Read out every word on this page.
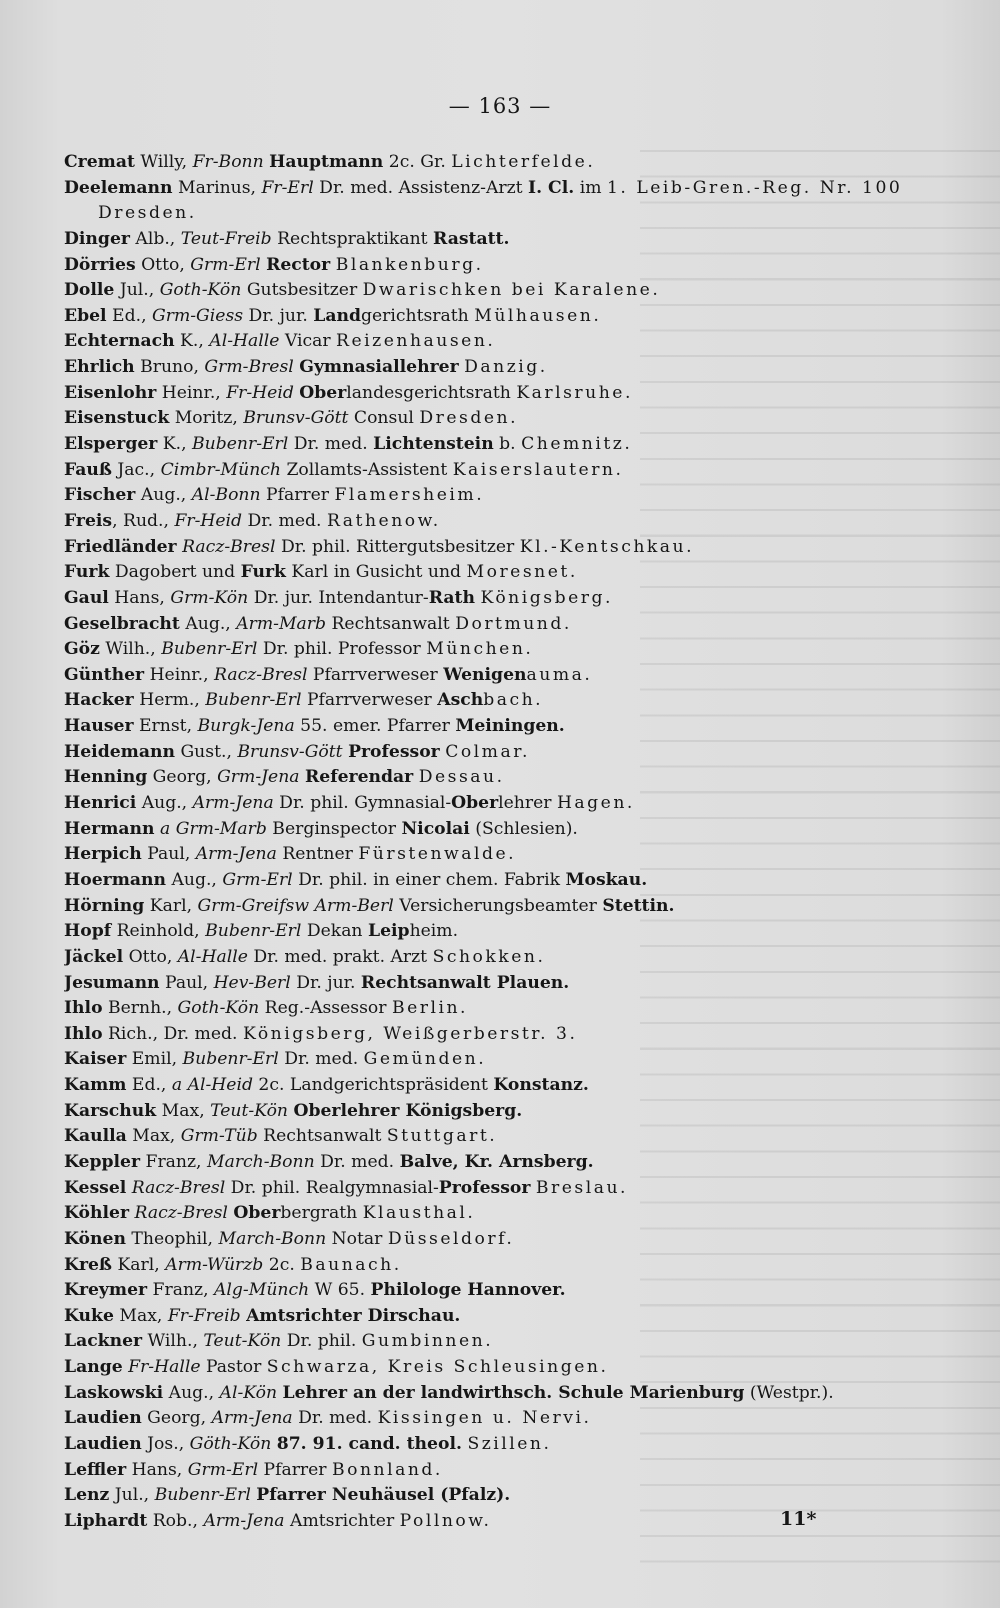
— 163 —
Cremat Willy, Fr-Bonn Hauptmann 2c. Gr. Lichterfelde.
Deelemann Marinus, Fr-Erl Dr. med. Assistenz-Arzt I. Cl. im 1. Leib-Gren.-Reg. Nr. 100
Dresden.
Dinger Alb., Teut-Freib Rechtspraktikant Rastatt.
Dörries Otto, Grm-Erl Rector Blankenburg.
Dolle Jul., Goth-Kön Gutsbesitzer Dwarischken bei Karalene.
Ebel Ed., Grm-Giess Dr. jur. Landgerichtsrath Mülhausen.
Echternach K., Al-Halle Vicar Reizenhausen.
Ehrlich Bruno, Grm-Bresl Gymnasiallehrer Danzig.
Eisenlohr Heinr., Fr-Heid Oberlandesgerichtsrath Karlsruhe.
Eisenstuck Moritz, Brunsv-Gött Consul Dresden.
Elsperger K., Bubenr-Erl Dr. med. Lichtenstein b. Chemnitz.
Fauß Jac., Cimbr-Münch Zollamts-Assistent Kaiserslautern.
Fischer Aug., Al-Bonn Pfarrer Flamersheim.
Freis, Rud., Fr-Heid Dr. med. Rathenow.
Friedländer Racz-Bresl Dr. phil. Rittergutsbesitzer Kl.-Kentschkau.
Furk Dagobert und Furk Karl in Gusicht und Moresnet.
Gaul Hans, Grm-Kön Dr. jur. Intendantur-Rath Königsberg.
Geselbracht Aug., Arm-Marb Rechtsanwalt Dortmund.
Göz Wilh., Bubenr-Erl Dr. phil. Professor München.
Günther Heinr., Racz-Bresl Pfarrverweser Wenigenauma.
Hacker Herm., Bubenr-Erl Pfarrverweser Aschbach.
Hauser Ernst, Burgk-Jena 55. emer. Pfarrer Meiningen.
Heidemann Gust., Brunsv-Gött Professor Colmar.
Henning Georg, Grm-Jena Referendar Dessau.
Henrici Aug., Arm-Jena Dr. phil. Gymnasial-Oberlehrer Hagen.
Hermann a Grm-Marb Berginspector Nicolai (Schlesien).
Herpich Paul, Arm-Jena Rentner Fürstenwalde.
Hoermann Aug., Grm-Erl Dr. phil. in einer chem. Fabrik Moskau.
Hörning Karl, Grm-Greifsw Arm-Berl Versicherungsbeamter Stettin.
Hopf Reinhold, Bubenr-Erl Dekan Leipheim.
Jäckel Otto, Al-Halle Dr. med. prakt. Arzt Schokken.
Jesumann Paul, Hev-Berl Dr. jur. Rechtsanwalt Plauen.
Ihlo Bernh., Goth-Kön Reg.-Assessor Berlin.
Ihlo Rich., Dr. med. Königsberg, Weißgerberstr. 3.
Kaiser Emil, Bubenr-Erl Dr. med. Gemünden.
Kamm Ed., a Al-Heid 2c. Landgerichtspräsident Konstanz.
Karschuk Max, Teut-Kön Oberlehrer Königsberg.
Kaulla Max, Grm-Tüb Rechtsanwalt Stuttgart.
Keppler Franz, March-Bonn Dr. med. Balve, Kr. Arnsberg.
Kessel Racz-Bresl Dr. phil. Realgymnasial-Professor Breslau.
Köhler Racz-Bresl Oberbergrath Klausthal.
Könen Theophil, March-Bonn Notar Düsseldorf.
Kreß Karl, Arm-Würzb 2c. Baunach.
Kreymer Franz, Alg-Münch W 65. Philologe Hannover.
Kuke Max, Fr-Freib Amtsrichter Dirschau.
Lackner Wilh., Teut-Kön Dr. phil. Gumbinnen.
Lange Fr-Halle Pastor Schwarza, Kreis Schleusingen.
Laskowski Aug., Al-Kön Lehrer an der landwirthsch. Schule Marienburg (Westpr.).
Laudien Georg, Arm-Jena Dr. med. Kissingen u. Nervi.
Laudien Jos., Göth-Kön 87. 91. cand. theol. Szillen.
Leffler Hans, Grm-Erl Pfarrer Bonnland.
Lenz Jul., Bubenr-Erl Pfarrer Neuhäusel (Pfalz).
Liphardt Rob., Arm-Jena Amtsrichter Pollnow.	11*
